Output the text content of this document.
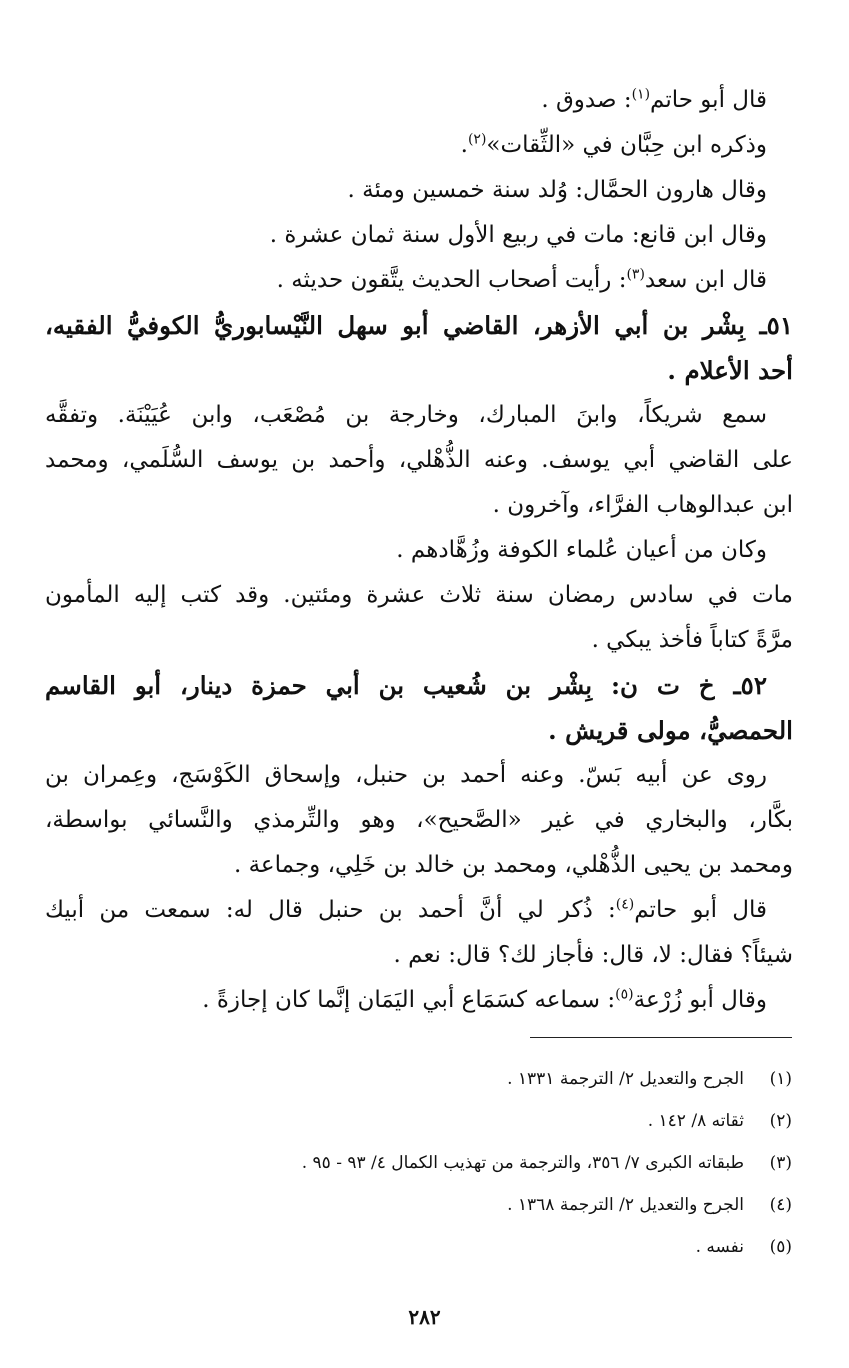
قال أبو حاتم$^{(١)}$: صدوق .
وذكره ابن حِبَّان في «الثِّقات»$^{(٢)}$.
وقال هارون الحمَّال: وُلد سنة خمسين ومئة .
وقال ابن قانع: مات في ربيع الأول سنة ثمان عشرة .
قال ابن سعد$^{(٣)}$: رأيت أصحاب الحديث يتَّقون حديثه .
٥١ـ بِشْر بن أبي الأزهر، القاضي أبو سهل النَّيْسابوريُّ الكوفيُّ الفقيه،
أحد الأعلام .
سمع شريكاً، وابنَ المبارك، وخارجة بن مُصْعَب، وابن عُيَيْنَة. وتفقَّه
على القاضي أبي يوسف. وعنه الذُّهْلي، وأحمد بن يوسف السُّلَمي، ومحمد
ابن عبدالوهاب الفرَّاء، وآخرون .
وكان من أعيان عُلماء الكوفة وزُهَّادهم .
مات في سادس رمضان سنة ثلاث عشرة ومئتين. وقد كتب إليه المأمون
مرَّةً كتاباً فأخذ يبكي .
٥٢ـ خ ت ن: بِشْر بن شُعيب بن أبي حمزة دينار، أبو القاسم
الحمصيُّ، مولى قريش .
روى عن أبيه بَسّ. وعنه أحمد بن حنبل، وإسحاق الكَوْسَج، وعِمران بن
بكَّار، والبخاري في غير «الصَّحيح»، وهو والتِّرمذي والنَّسائي بواسطة،
ومحمد بن يحيى الذُّهْلي، ومحمد بن خالد بن خَلِي، وجماعة .
قال أبو حاتم$^{(٤)}$: ذُكر لي أنَّ أحمد بن حنبل قال له: سمعت من أبيك
شيئاً؟ فقال: لا، قال: فأجاز لك؟ قال: نعم .
وقال أبو زُرْعة$^{(٥)}$: سماعه كسَمَاع أبي اليَمَان إنَّما كان إجازةً .
(١)الجرح والتعديل ٢/ الترجمة ١٣٣١ .
(٢)ثقاته ٨/ ١٤٢ .
(٣)طبقاته الكبرى ٧/ ٣٥٦، والترجمة من تهذيب الكمال ٤/ ٩٣ - ٩٥ .
(٤)الجرح والتعديل ٢/ الترجمة ١٣٦٨ .
(٥)نفسه .
٢٨٢
